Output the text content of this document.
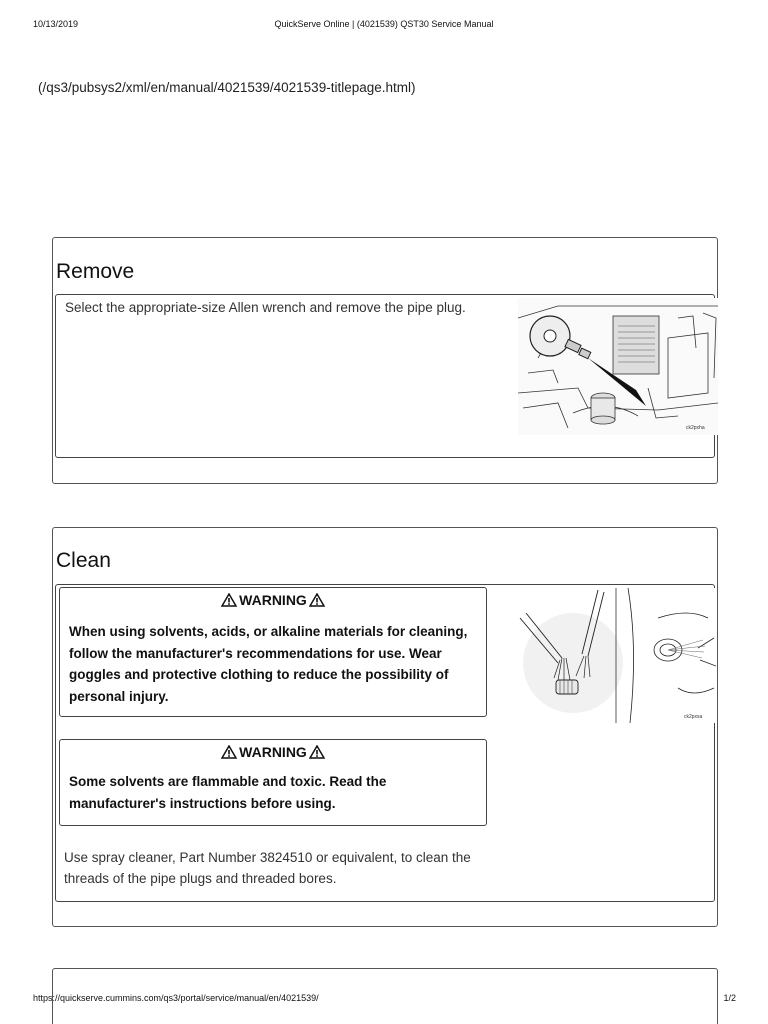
10/13/2019	QuickServe Online | (4021539) QST30 Service Manual
(/qs3/pubsys2/xml/en/manual/4021539/4021539-titlepage.html)
Remove

Select the appropriate-size Allen wrench and remove the pipe plug.

ck2pxha
Clean
WARNING

When using solvents, acids, or alkaline materials for cleaning, follow the manufacturer's recommendations for use. Wear goggles and protective clothing to reduce the possibility of personal injury.

WARNING

Some solvents are flammable and toxic. Read the manufacturer's instructions before using.

Use spray cleaner, Part Number 3824510 or equivalent, to clean the threads of the pipe plugs and threaded bores.

ck2pxsa
https://quickserve.cummins.com/qs3/portal/service/manual/en/4021539/	1/2
